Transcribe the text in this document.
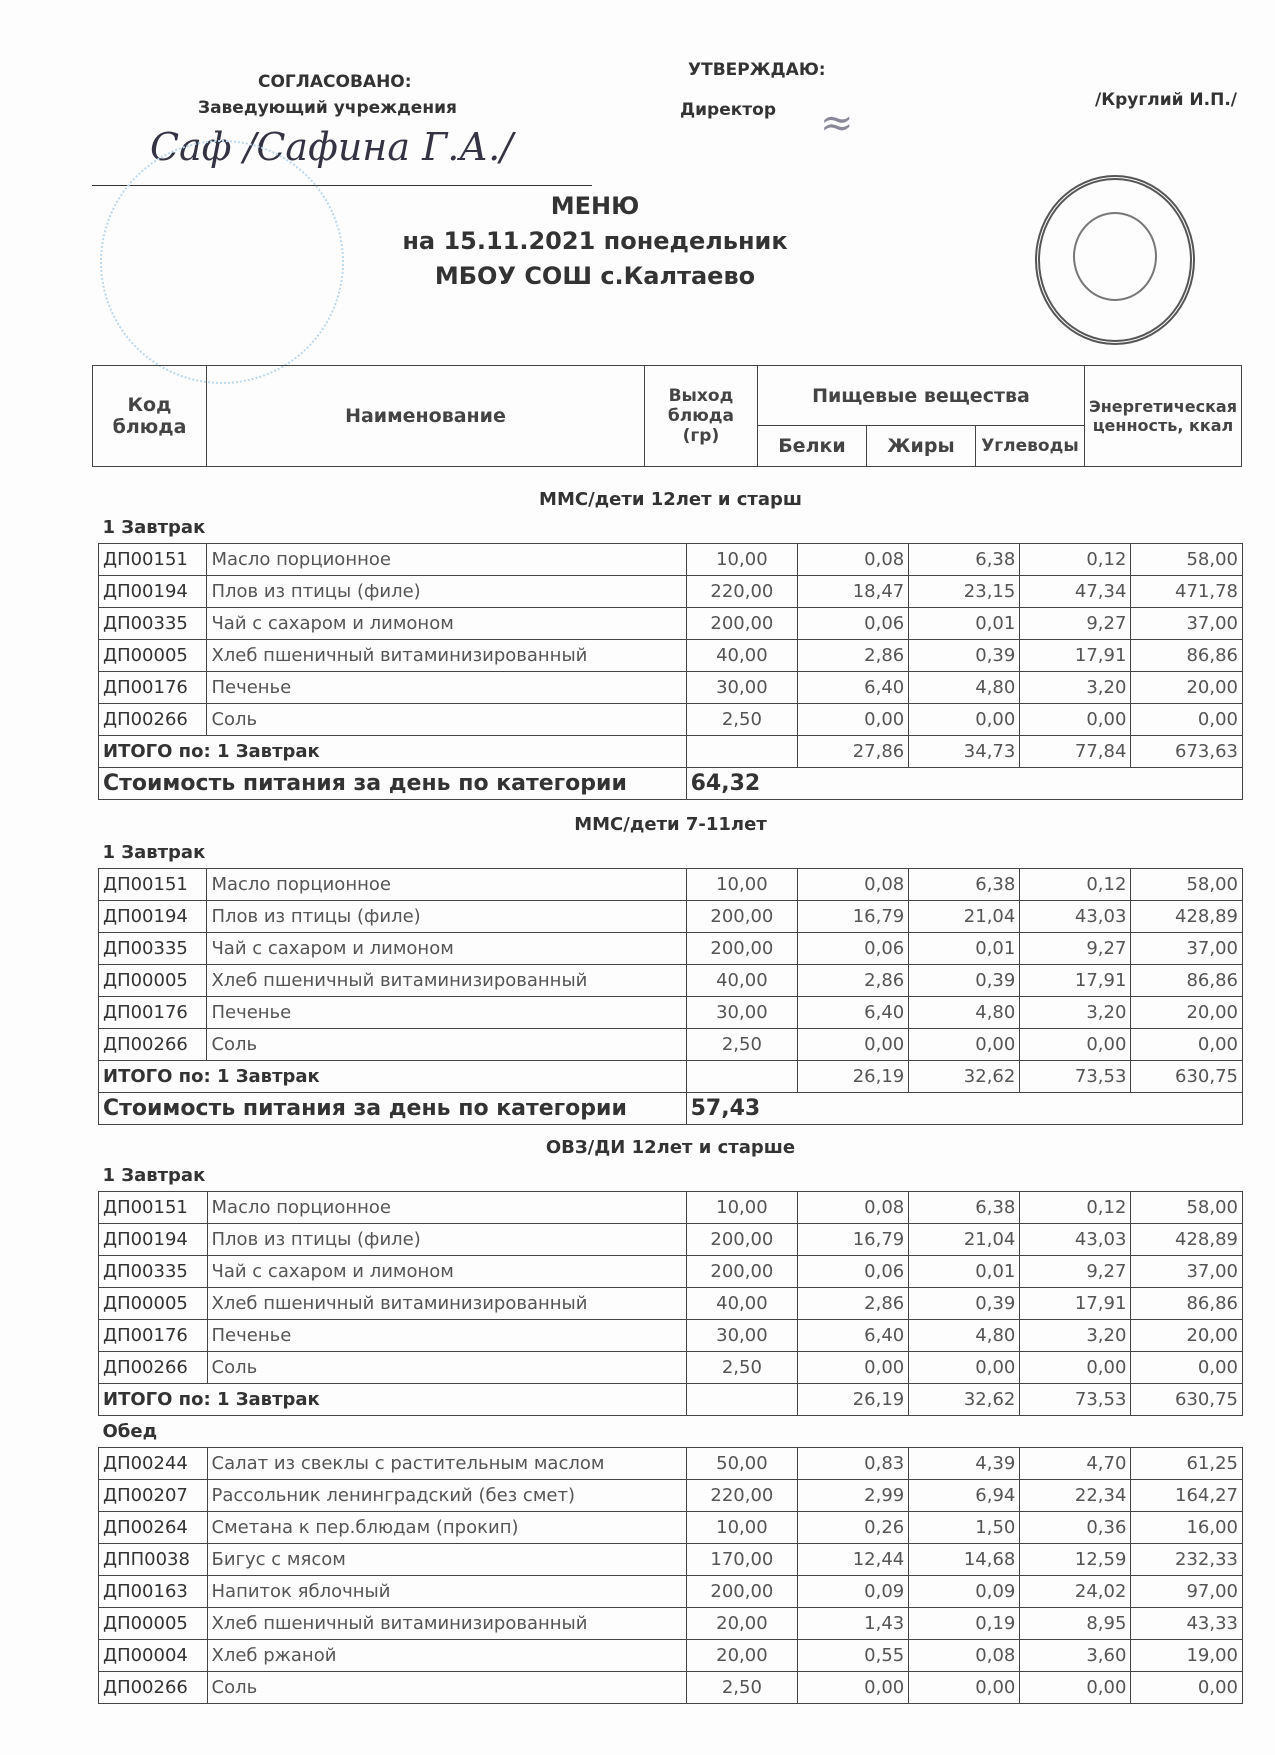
СОГЛАСОВАНО:
Заведующий учреждения
Саф /Сафина Г.А./
УТВЕРЖДАЮ:
Директор ≈	/Круглий И.П./
МЕНЮ
на 15.11.2021 понедельник
МБОУ СОШ с.Калтаево
Код блюда	Наименование	Выход блюда (гр)	Пищевые вещества			Энергетическая ценность, ккал
			Белки	Жиры	Углеводы	
ММС/дети 12лет и старш						
1 Завтрак						
ДП00151	Масло порционное	10,00	0,08	6,38	0,12	58,00
ДП00194	Плов из птицы (филе)	220,00	18,47	23,15	47,34	471,78
ДП00335	Чай с сахаром и лимоном	200,00	0,06	0,01	9,27	37,00
ДП00005	Хлеб пшеничный витаминизированный	40,00	2,86	0,39	17,91	86,86
ДП00176	Печенье	30,00	6,40	4,80	3,20	20,00
ДП00266	Соль	2,50	0,00	0,00	0,00	0,00
ИТОГО по: 1 Завтрак			27,86	34,73	77,84	673,63
Стоимость питания за день по категории		64,32				
ММС/дети 7-11лет						
1 Завтрак						
ДП00151	Масло порционное	10,00	0,08	6,38	0,12	58,00
ДП00194	Плов из птицы (филе)	200,00	16,79	21,04	43,03	428,89
ДП00335	Чай с сахаром и лимоном	200,00	0,06	0,01	9,27	37,00
ДП00005	Хлеб пшеничный витаминизированный	40,00	2,86	0,39	17,91	86,86
ДП00176	Печенье	30,00	6,40	4,80	3,20	20,00
ДП00266	Соль	2,50	0,00	0,00	0,00	0,00
ИТОГО по: 1 Завтрак			26,19	32,62	73,53	630,75
Стоимость питания за день по категории		57,43				
ОВЗ/ДИ 12лет и старше						
1 Завтрак						
ДП00151	Масло порционное	10,00	0,08	6,38	0,12	58,00
ДП00194	Плов из птицы (филе)	200,00	16,79	21,04	43,03	428,89
ДП00335	Чай с сахаром и лимоном	200,00	0,06	0,01	9,27	37,00
ДП00005	Хлеб пшеничный витаминизированный	40,00	2,86	0,39	17,91	86,86
ДП00176	Печенье	30,00	6,40	4,80	3,20	20,00
ДП00266	Соль	2,50	0,00	0,00	0,00	0,00
ИТОГО по: 1 Завтрак			26,19	32,62	73,53	630,75
Обед						
ДП00244	Салат из свеклы с растительным маслом	50,00	0,83	4,39	4,70	61,25
ДП00207	Рассольник ленинградский (без смет)	220,00	2,99	6,94	22,34	164,27
ДП00264	Сметана к пер.блюдам (прокип)	10,00	0,26	1,50	0,36	16,00
ДПП0038	Бигус с мясом	170,00	12,44	14,68	12,59	232,33
ДП00163	Напиток яблочный	200,00	0,09	0,09	24,02	97,00
ДП00005	Хлеб пшеничный витаминизированный	20,00	1,43	0,19	8,95	43,33
ДП00004	Хлеб ржаной	20,00	0,55	0,08	3,60	19,00
ДП00266	Соль	2,50	0,00	0,00	0,00	0,00
